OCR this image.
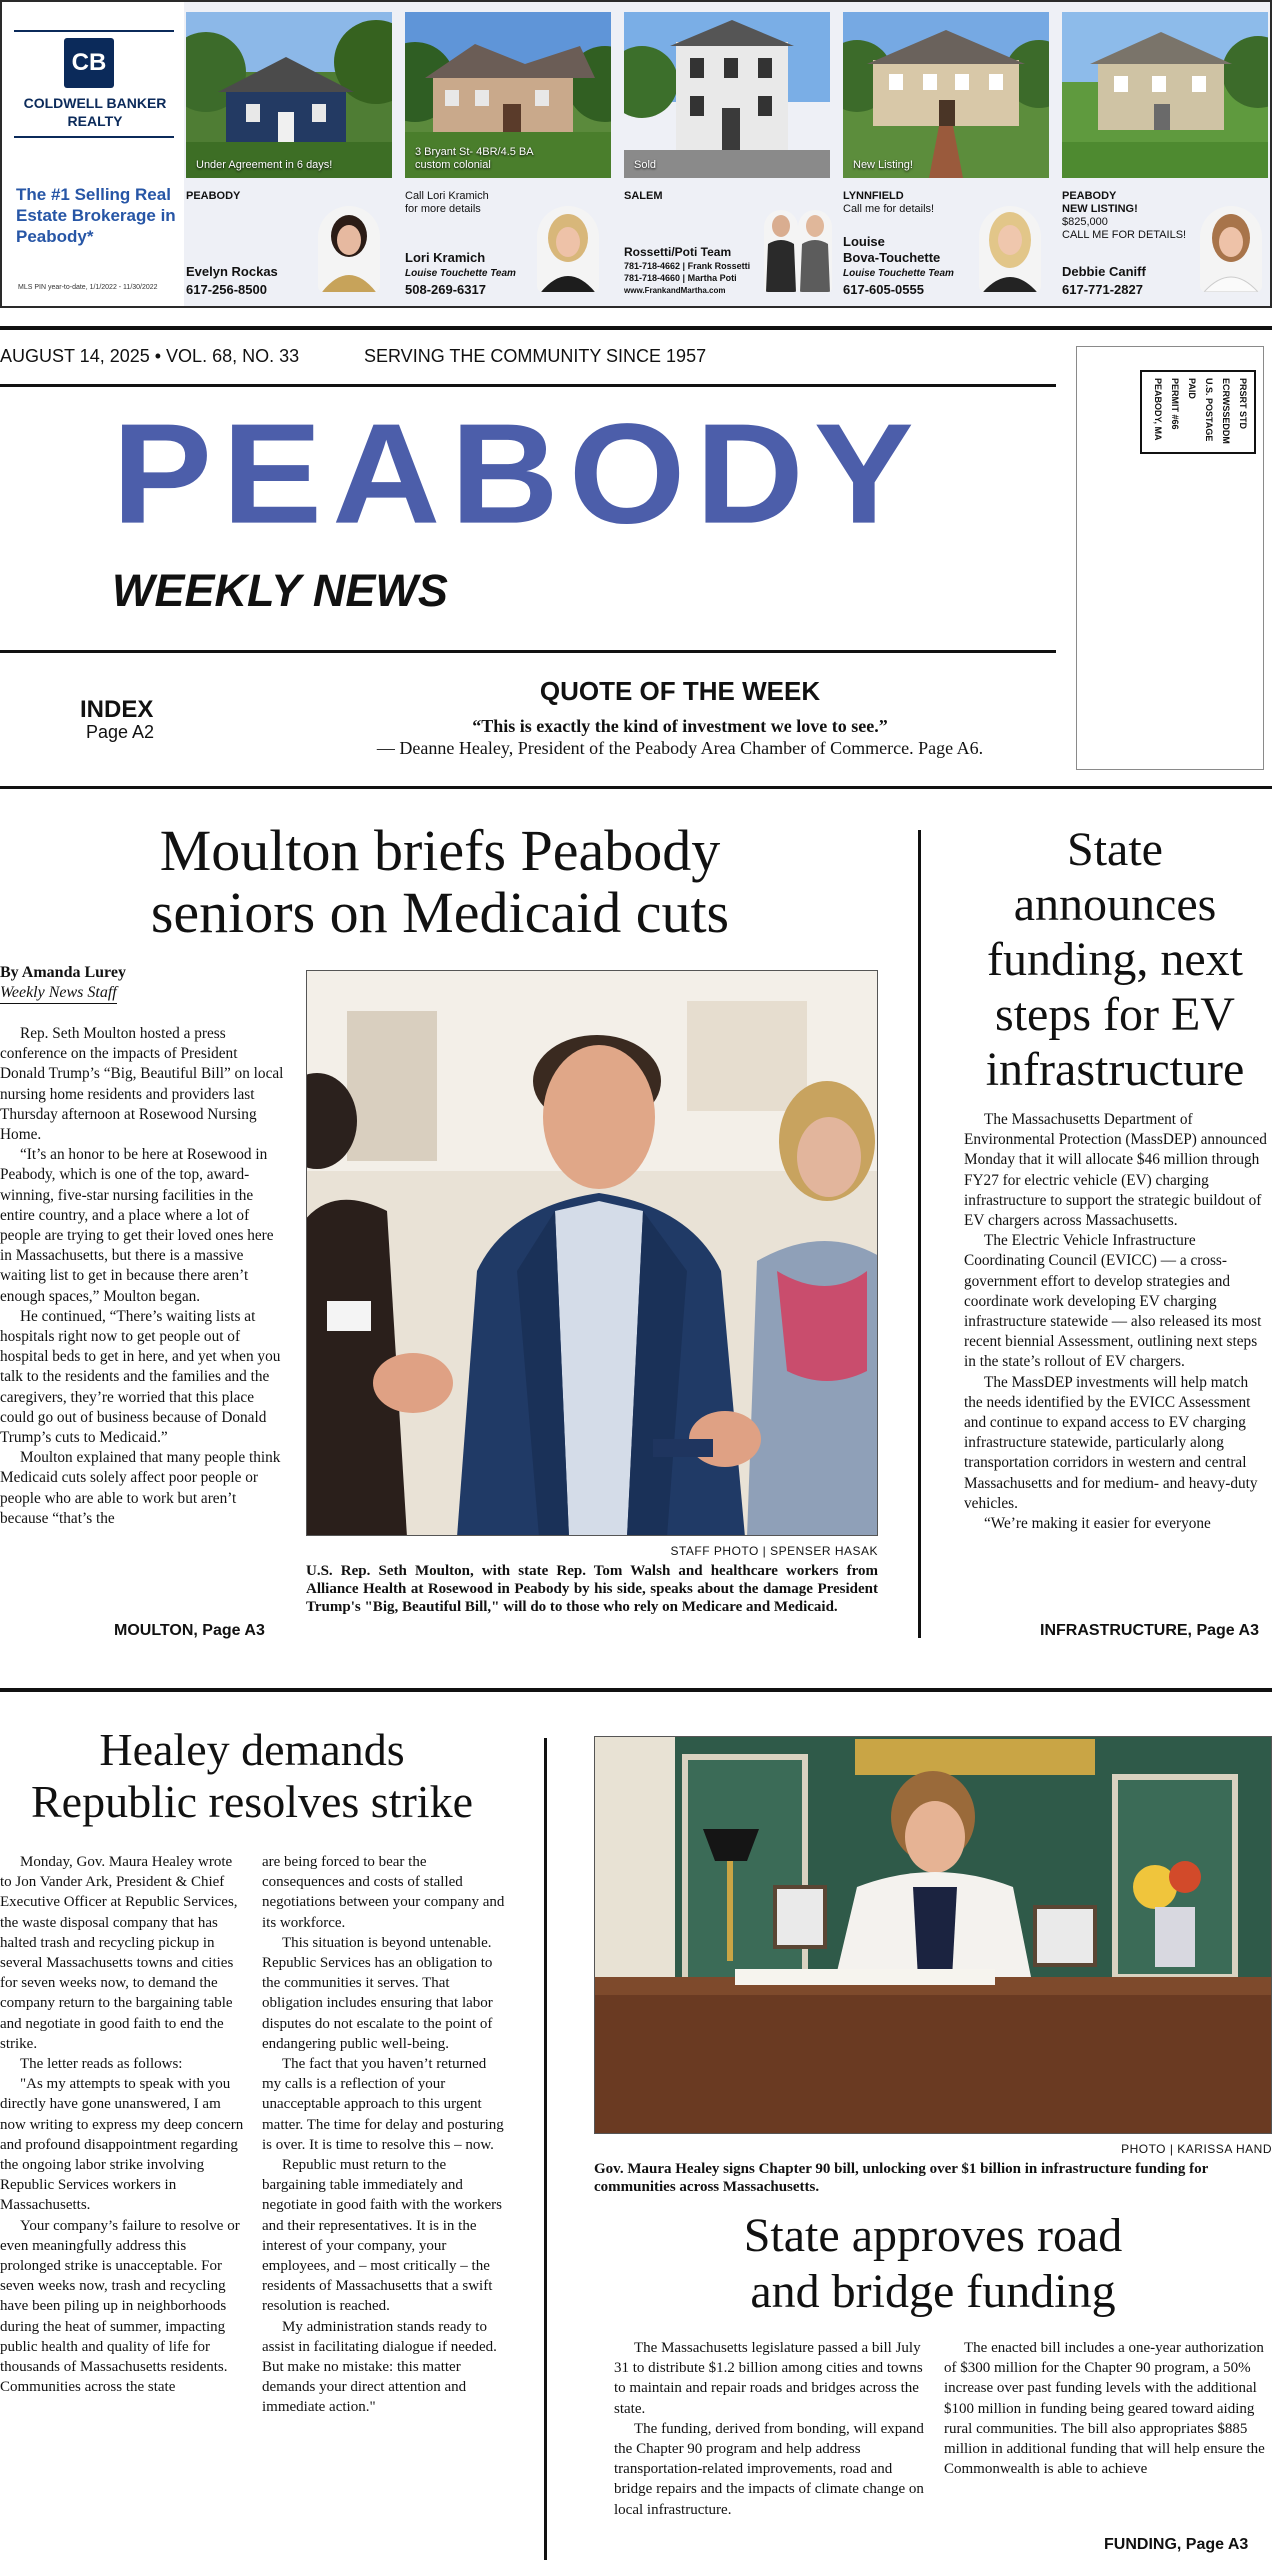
CB
COLDWELL BANKER
REALTY
The #1 Selling Real Estate Brokerage in Peabody*
MLS PIN year-to-date, 1/1/2022 - 11/30/2022
Under Agreement in 6 days!
PEABODY
Evelyn Rockas
617-256-8500
3 Bryant St- 4BR/4.5 BA
custom colonial
Call Lori Kramich
for more details
Lori Kramich
Louise Touchette Team
508-269-6317
Sold
SALEM
Rossetti/Poti Team
781-718-4662 | Frank Rossetti
781-718-4660 | Martha Poti
www.FrankandMartha.com
New Listing!
LYNNFIELD
Call me for details!
Louise
Bova-Touchette
Louise Touchette Team
617-605-0555
PEABODY
NEW LISTING!
$825,000
CALL ME FOR DETAILS!
Debbie Caniff
617-771-2827
AUGUST 14, 2025 • VOL. 68, NO. 33	SERVING THE COMMUNITY SINCE 1957
PEABODY
WEEKLY NEWS
INDEX
Page A2
QUOTE OF THE WEEK
“This is exactly the kind of investment we love to see.”
— Deanne Healey, President of the Peabody Area Chamber of Commerce. Page A6.
PRSRT STD
ECRWSSEDDM
U.S. POSTAGE
PAID
PERMIT #66
PEABODY, MA
Moulton briefs Peabody
seniors on Medicaid cuts
By Amanda Lurey
Weekly News Staff

Rep. Seth Moulton hosted a press conference on the impacts of President Donald Trump’s “Big, Beautiful Bill” on local nursing home residents and providers last Thursday afternoon at Rosewood Nursing Home.

“It’s an honor to be here at Rosewood in Peabody, which is one of the top, award-winning, five-star nursing facilities in the entire country, and a place where a lot of people are trying to get their loved ones here in Massachusetts, but there is a massive waiting list to get in because there aren’t enough spaces,” Moulton began.

He continued, “There’s waiting lists at hospitals right now to get people out of hospital beds to get in here, and yet when you talk to the residents and the families and the caregivers, they’re worried that this place could go out of business because of Donald Trump’s cuts to Medicaid.”

Moulton explained that many people think Medicaid cuts solely affect poor people or people who are able to work but aren’t because “that’s the

MOULTON, Page A3
STAFF PHOTO | SPENSER HASAK
U.S. Rep. Seth Moulton, with state Rep. Tom Walsh and healthcare workers from Alliance Health at Rosewood in Peabody by his side, speaks about the damage President Trump's "Big, Beautiful Bill," will do to those who rely on Medicare and Medicaid.
State
announces
funding, next
steps for EV
infrastructure

The Massachusetts Department of Environmental Protection (MassDEP) announced Monday that it will allocate $46 million through FY27 for electric vehicle (EV) charging infrastructure to support the strategic buildout of EV chargers across Massachusetts.

The Electric Vehicle Infrastructure Coordinating Council (EVICC) — a cross-government effort to develop strategies and coordinate work developing EV charging infrastructure statewide — also released its most recent biennial Assessment, outlining next steps in the state’s rollout of EV chargers.

The MassDEP investments will help match the needs identified by the EVICC Assessment and continue to expand access to EV charging infrastructure statewide, particularly along transportation corridors in western and central Massachusetts and for medium- and heavy-duty vehicles.

“We’re making it easier for everyone

INFRASTRUCTURE, Page A3
Healey demands
Republic resolves strike

Monday, Gov. Maura Healey wrote to Jon Vander Ark, President & Chief Executive Officer at Republic Services, the waste disposal company that has halted trash and recycling pickup in several Massachusetts towns and cities for seven weeks now, to demand the company return to the bargaining table and negotiate in good faith to end the strike.

The letter reads as follows:

"As my attempts to speak with you directly have gone unanswered, I am now writing to express my deep concern and profound disappointment regarding the ongoing labor strike involving Republic Services workers in Massachusetts.

Your company’s failure to resolve or even meaningfully address this prolonged strike is unacceptable. For seven weeks now, trash and recycling have been piling up in neighborhoods during the heat of summer, impacting public health and quality of life for thousands of Massachusetts residents. Communities across the state

are being forced to bear the consequences and costs of stalled negotiations between your company and its workforce.

This situation is beyond untenable. Republic Services has an obligation to the communities it serves. That obligation includes ensuring that labor disputes do not escalate to the point of endangering public well-being.

The fact that you haven’t returned my calls is a reflection of your unacceptable approach to this urgent matter. The time for delay and posturing is over. It is time to resolve this – now.

Republic must return to the bargaining table immediately and negotiate in good faith with the workers and their representatives. It is in the interest of your company, your employees, and – most critically – the residents of Massachusetts that a swift resolution is reached.

My administration stands ready to assist in facilitating dialogue if needed. But make no mistake: this matter demands your direct attention and immediate action."

PHOTO | KARISSA HAND
Gov. Maura Healey signs Chapter 90 bill, unlocking over $1 billion in infrastructure funding for communities across Massachusetts.
State approves road
and bridge funding

The Massachusetts legislature passed a bill July 31 to distribute $1.2 billion among cities and towns to maintain and repair roads and bridges across the state.

The funding, derived from bonding, will expand the Chapter 90 program and help address transportation-related improvements, road and bridge repairs and the impacts of climate change on local infrastructure.

The enacted bill includes a one-year authorization of $300 million for the Chapter 90 program, a 50% increase over past funding levels with the additional $100 million in funding being geared toward aiding rural communities. The bill also appropriates $885 million in additional funding that will help ensure the Commonwealth is able to achieve

FUNDING, Page A3
